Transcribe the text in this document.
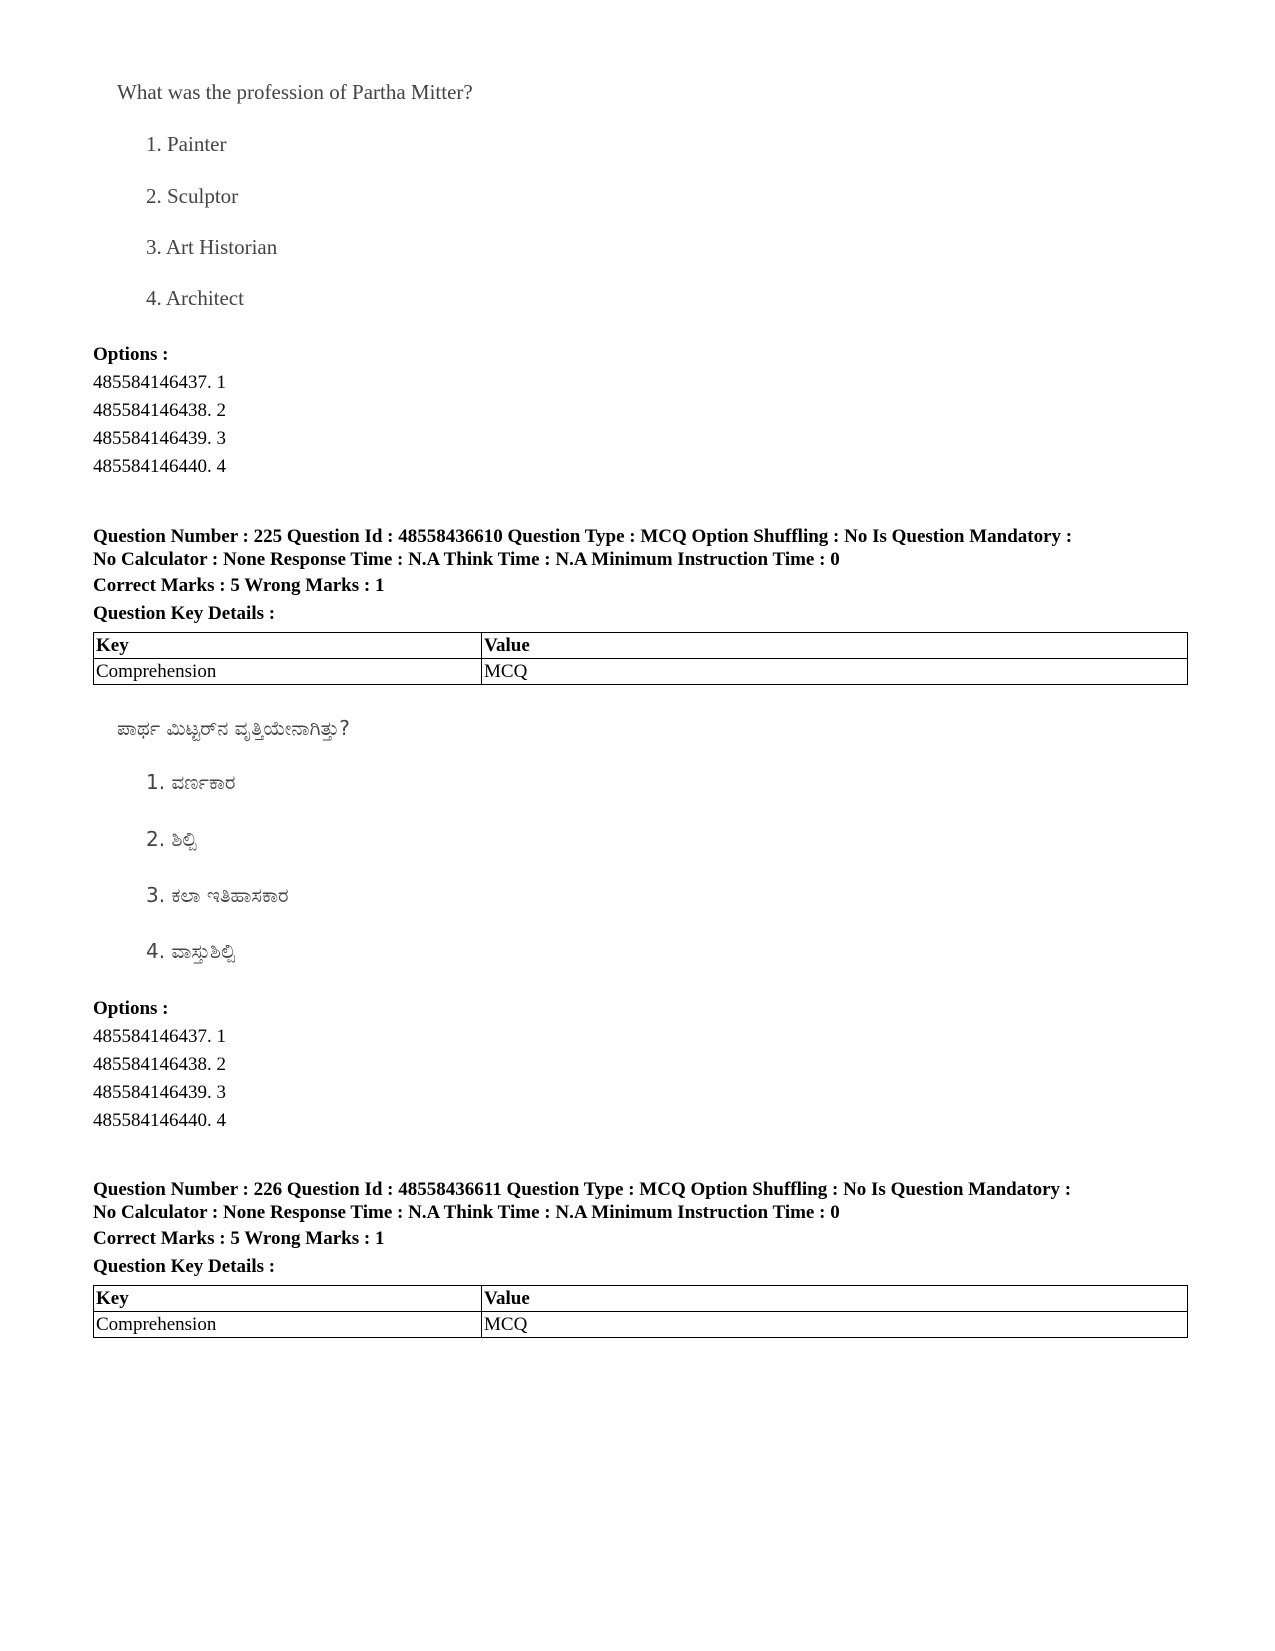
What was the profession of Partha Mitter?
1. Painter
2. Sculptor
3. Art Historian
4. Architect
Options :
485584146437. 1
485584146438. 2
485584146439. 3
485584146440. 4
Question Number : 225 Question Id : 48558436610 Question Type : MCQ Option Shuffling : No Is Question Mandatory :
No Calculator : None Response Time : N.A Think Time : N.A Minimum Instruction Time : 0
Correct Marks : 5 Wrong Marks : 1
Question Key Details :
Key	Value
Comprehension	MCQ
ಪಾರ್ಥ ಮಿಟ್ಟರ್‌ನ ವೃತ್ತಿಯೇನಾಗಿತ್ತು?
1. ವರ್ಣಕಾರ
2. ಶಿಲ್ಪಿ
3. ಕಲಾ ಇತಿಹಾಸಕಾರ
4. ವಾಸ್ತುಶಿಲ್ಪಿ
Options :
485584146437. 1
485584146438. 2
485584146439. 3
485584146440. 4
Question Number : 226 Question Id : 48558436611 Question Type : MCQ Option Shuffling : No Is Question Mandatory :
No Calculator : None Response Time : N.A Think Time : N.A Minimum Instruction Time : 0
Correct Marks : 5 Wrong Marks : 1
Question Key Details :
Key	Value
Comprehension	MCQ
